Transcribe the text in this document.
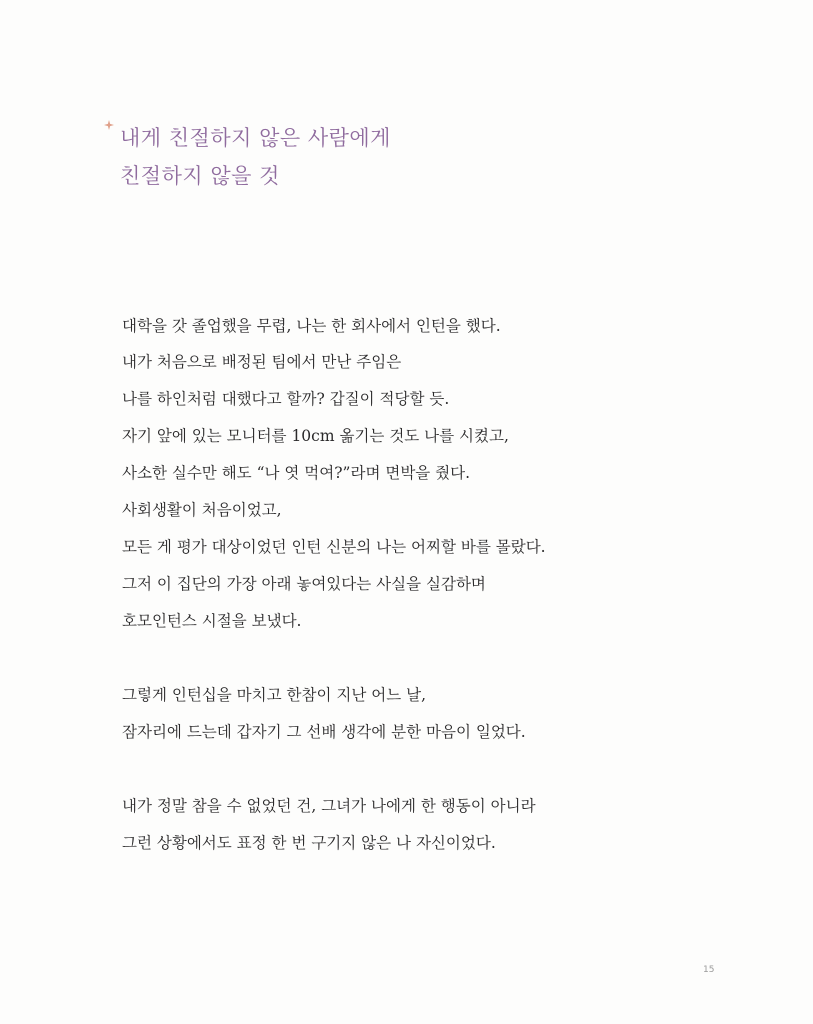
내게 친절하지 않은 사람에게
친절하지 않을 것
대학을 갓 졸업했을 무렵, 나는 한 회사에서 인턴을 했다.
내가 처음으로 배정된 팀에서 만난 주임은
나를 하인처럼 대했다고 할까? 갑질이 적당할 듯.
자기 앞에 있는 모니터를 10cm 옮기는 것도 나를 시켰고,
사소한 실수만 해도 “나 엿 먹여?”라며 면박을 줬다.
사회생활이 처음이었고,
모든 게 평가 대상이었던 인턴 신분의 나는 어찌할 바를 몰랐다.
그저 이 집단의 가장 아래 놓여있다는 사실을 실감하며
호모인턴스 시절을 보냈다.
그렇게 인턴십을 마치고 한참이 지난 어느 날,
잠자리에 드는데 갑자기 그 선배 생각에 분한 마음이 일었다.
내가 정말 참을 수 없었던 건, 그녀가 나에게 한 행동이 아니라
그런 상황에서도 표정 한 번 구기지 않은 나 자신이었다.
15
